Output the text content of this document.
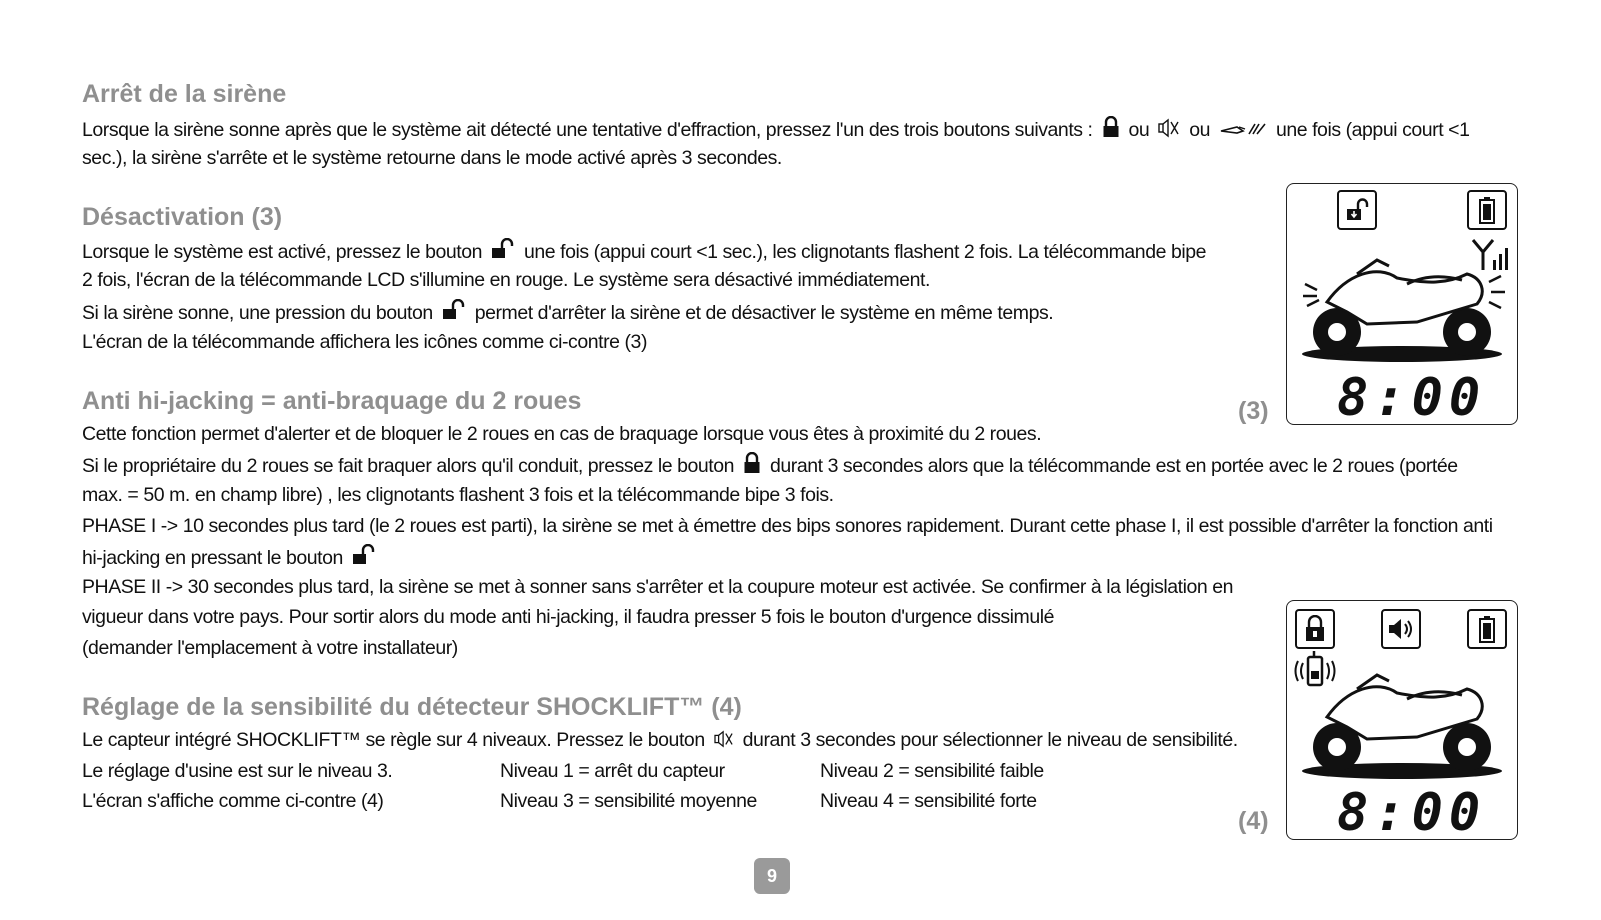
Arrêt de la sirène

Lorsque la sirène sonne après que le système ait détecté une tentative d'effraction, pressez l'un des trois boutons suivants : ou ou	une fois (appui court <1

sec.), la sirène s'arrête et le système retourne dans le mode activé après 3 secondes.

Désactivation (3)

Lorsque le système est activé, pressez le bouton une fois (appui court <1 sec.), les clignotants flashent 2 fois. La télécommande bipe

2 fois, l'écran de la télécommande LCD s'illumine en rouge. Le système sera désactivé immédiatement.

Si la sirène sonne, une pression du bouton permet d'arrêter la sirène et de désactiver le système en même temps.

L'écran de la télécommande affichera les icônes comme ci-contre (3)

Anti hi-jacking = anti-braquage du 2 roues

Cette fonction permet d'alerter et de bloquer le 2 roues en cas de braquage lorsque vous êtes à proximité du 2 roues.

Si le propriétaire du 2 roues se fait braquer alors qu'il conduit, pressez le bouton durant 3 secondes alors que la télécommande est en portée avec le 2 roues (portée

max. = 50 m. en champ libre) , les clignotants flashent 3 fois et la télécommande bipe 3 fois.

PHASE I -> 10 secondes plus tard (le 2 roues est parti), la sirène se met à émettre des bips sonores rapidement. Durant cette phase I, il est possible d'arrêter la fonction anti

hi-jacking en pressant le bouton

PHASE II -> 30 secondes plus tard, la sirène se met à sonner sans s'arrêter et la coupure moteur est activée. Se confirmer à la législation en

vigueur dans votre pays. Pour sortir alors du mode anti hi-jacking, il faudra presser 5 fois le bouton d'urgence dissimulé

(demander l'emplacement à votre installateur)

Réglage de la sensibilité du détecteur SHOCKLIFT™ (4)

Le capteur intégré SHOCKLIFT™ se règle sur 4 niveaux. Pressez le bouton durant 3 secondes pour sélectionner le niveau de sensibilité.

Le réglage d'usine est sur le niveau 3.

L'écran s'affiche comme ci-contre (4)

Niveau 1 = arrêt du capteur

Niveau 3 = sensibilité moyenne

Niveau 2 = sensibilité faible

Niveau 4 = sensibilité forte

(3) 8:00
(4) 8:00
9
